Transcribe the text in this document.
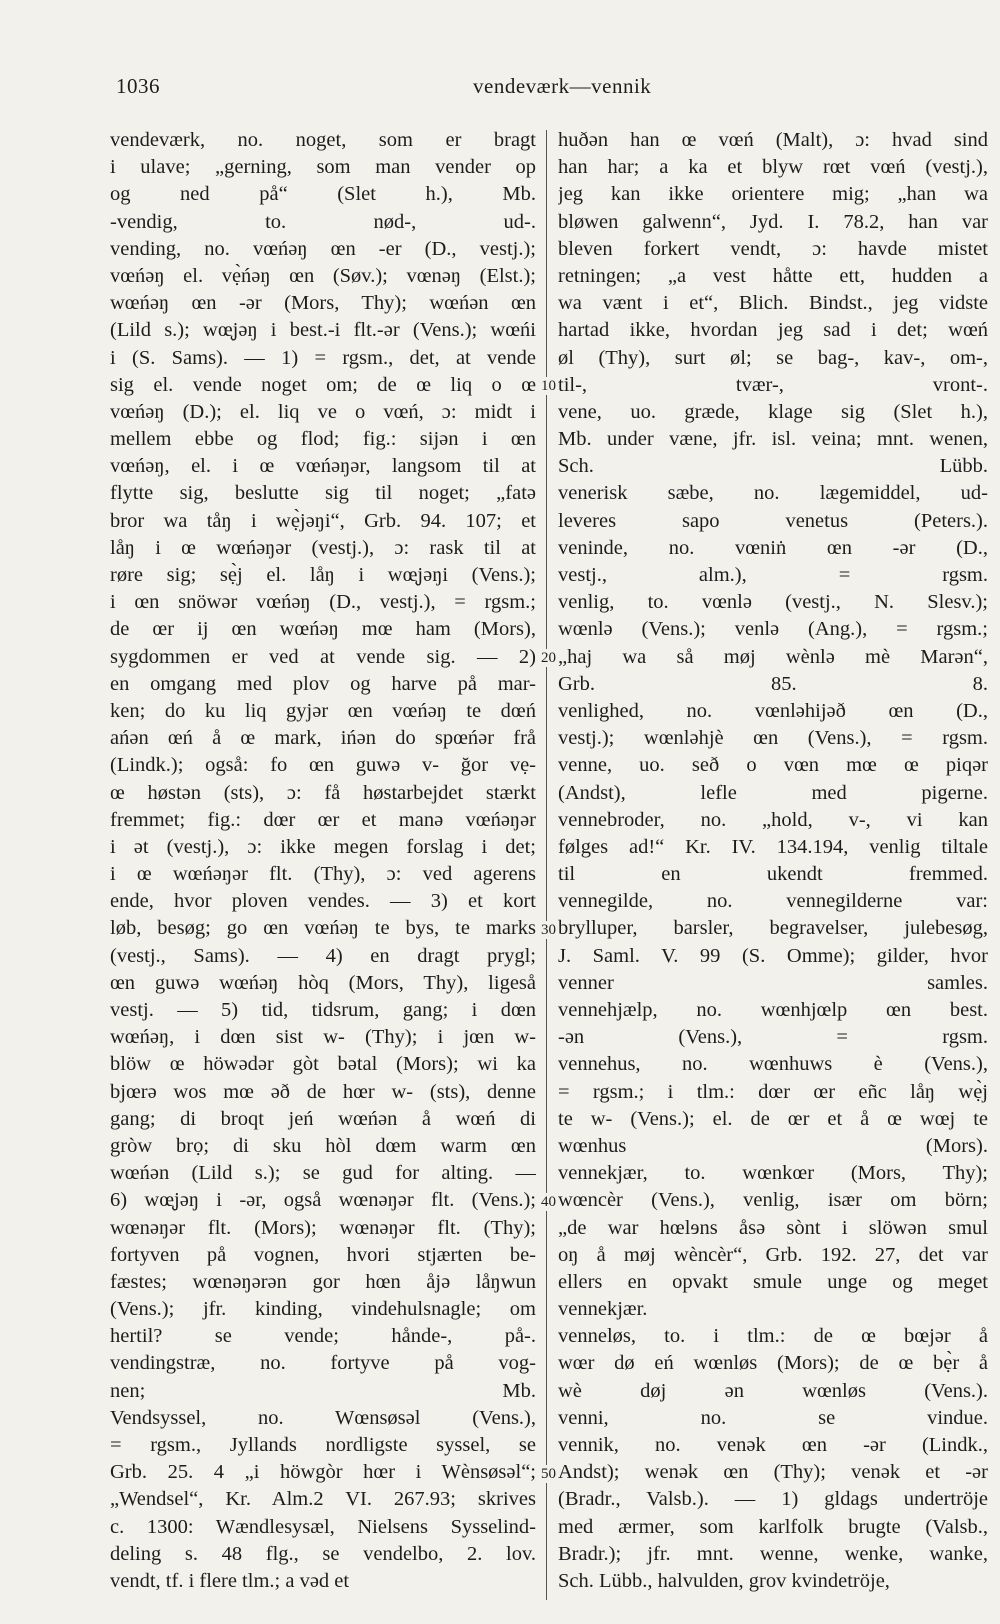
1036	vendeværk—vennik
vendeværk, no. noget, som er bragt
i ulave; „gerning, som man vender op
og ned på“ (Slet h.), Mb.
-vendig, to. nød-, ud-.
vending, no. vœńəŋ œn -er (D., vestj.);
vœńəŋ el. vẹ̀ńəŋ œn (Søv.); vœnəŋ (Elst.);
wœńəŋ œn -ər (Mors, Thy); wœńən œn
(Lild s.); wœ̨jəŋ i best.-i flt.-ər (Vens.); wœńi
i (S. Sams). — 1) = rgsm., det, at vende
sig el. vende noget om; de œ liq o œ
vœńəŋ (D.); el. liq ve o vœń, ɔ: midt i
mellem ebbe og flod; fig.: sijən i œn
vœńəŋ, el. i œ vœńəŋər, langsom til at
flytte sig, beslutte sig til noget; „fatə
bror wa tåŋ i wẹ̀jəŋi“, Grb. 94. 107; et
låŋ i œ wœńəŋər (vestj.), ɔ: rask til at
røre sig; sẹ̀j el. låŋ i wœ̨jəŋi (Vens.);
i œn snöwər vœńəŋ (D., vestj.), = rgsm.;
de œr ij œn wœńəŋ mœ ham (Mors),
sygdommen er ved at vende sig. — 2)
en omgang med plov og harve på mar-
ken; do ku liq gyjər œn vœńəŋ te dœń
ańən œń å œ mark, ińən do spœńər frå
(Lindk.); også: fo œn guwə v- ğor vẹ-
œ høstən (sts), ɔ: få høstarbejdet stærkt
fremmet; fig.: dœr œr et manə vœńəŋər
i ət (vestj.), ɔ: ikke megen forslag i det;
i œ wœńəŋər flt. (Thy), ɔ: ved agerens
ende, hvor ploven vendes. — 3) et kort
løb, besøg; go œn vœńəŋ te bys, te marks
(vestj., Sams). — 4) en dragt prygl;
œn guwə wœńəŋ hòq (Mors, Thy), ligeså
vestj. — 5) tid, tidsrum, gang; i dœn
wœńəŋ, i dœn sist w- (Thy); i jœn w-
blöw œ höwədər gòt bətal (Mors); wi ka
bjœrə wos mœ əð de hœr w- (sts), denne
gang; di broqt jeń wœńən å wœń di
gròw brọ; di sku hòl dœm warm œn
wœńən (Lild s.); se gud for alting. —
6) wœ̨jəŋ i -ər, også wœnəŋər flt. (Vens.);
wœnəŋər flt. (Mors); wœnəŋər flt. (Thy);
fortyven på vognen, hvori stjærten be-
fæstes; wœnəŋərən gor hœn åjə låŋwun
(Vens.); jfr. kinding, vindehulsnagle; om
hertil? se vende; hånde-, på-.
vendingstræ, no. fortyve på vog-
nen; Mb.
Vendsyssel, no. Wœnsøsəl (Vens.),
= rgsm., Jyllands nordligste syssel, se
Grb. 25. 4 „i höwgòr hœr i Wènsøsəl“;
„Wendsel“, Kr. Alm.2 VI. 267.93; skrives
c. 1300: Wændlesysæl, Nielsens Sysselind-
deling s. 48 flg., se vendelbo, 2. lov.
vendt, tf. i flere tlm.; a vəd et
huðən han œ vœń (Malt), ɔ: hvad sind
han har; a ka et blyw rœt vœń (vestj.),
jeg kan ikke orientere mig; „han wa
bløwen galwenn“, Jyd. I. 78.2, han var
bleven forkert vendt, ɔ: havde mistet
retningen; „a vest håtte ett, hudden a
wa vænt i et“, Blich. Bindst., jeg vidste
hartad ikke, hvordan jeg sad i det; wœń
øl (Thy), surt øl; se bag-, kav-, om-,
til-, tvær-, vront-.
vene, uo. græde, klage sig (Slet h.),
Mb. under væne, jfr. isl. veina; mnt. wenen,
Sch. Lübb.
venerisk sæbe, no. lægemiddel, ud-
leveres sapo venetus (Peters.).
veninde, no. vœniṅ œn -ər (D.,
vestj., alm.), = rgsm.
venlig, to. vœnlə (vestj., N. Slesv.);
wœnlə (Vens.); venlə (Ang.), = rgsm.;
„haj wa så møj wènlə mè Marən“,
Grb. 85. 8.
venlighed, no. vœnləhijəð œn (D.,
vestj.); wœnləhjè œn (Vens.), = rgsm.
venne, uo. seð o vœn mœ œ piqər
(Andst), lefle med pigerne.
vennebroder, no. „hold, v-, vi kan
følges ad!“ Kr. IV. 134.194, venlig tiltale
til en ukendt fremmed.
vennegilde, no. vennegilderne var:
brylluper, barsler, begravelser, julebesøg,
J. Saml. V. 99 (S. Omme); gilder, hvor
venner samles.
vennehjælp, no. wœnhjœlp œn best.
-ən (Vens.), = rgsm.
vennehus, no. wœnhuws è (Vens.),
= rgsm.; i tlm.: dœr œr eñc låŋ wẹ̀j
te w- (Vens.); el. de œr et å œ wœj te
wœnhus (Mors).
vennekjær, to. wœnkœr (Mors, Thy);
wœncèr (Vens.), venlig, især om börn;
„de war hœlɘns åsə sònt i slöwən smul
oŋ å møj wèncèr“, Grb. 192. 27, det var
ellers en opvakt smule unge og meget
vennekjær.
venneløs, to. i tlm.: de œ bœjər å
wœr dø eń wœnløs (Mors); de œ bẹ̀r å
wè døj ən wœnløs (Vens.).
venni, no. se vindue.
vennik, no. venək œn -ər (Lindk.,
Andst); wenək œn (Thy); venək et -ər
(Bradr., Valsb.). — 1) gldags undertröje
med ærmer, som karlfolk brugte (Valsb.,
Bradr.); jfr. mnt. wenne, wenke, wanke,
Sch. Lübb., halvulden, grov kvindetröje,
10
20
30
40
50
